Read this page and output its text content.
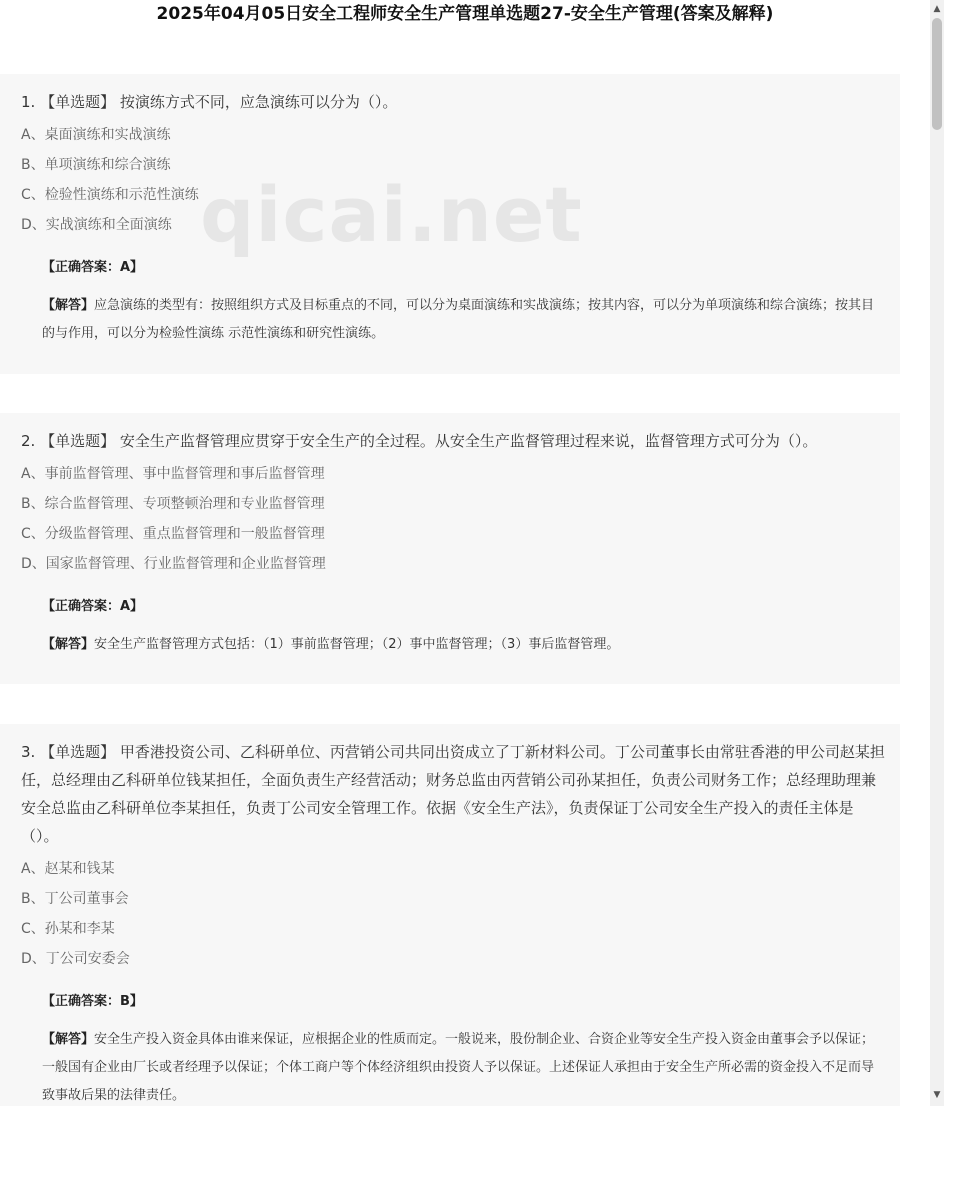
2025年04月05日安全工程师安全生产管理单选题27-安全生产管理(答案及解释)

1. 【单选题】 按演练方式不同，应急演练可以分为（）。

A、桌面演练和实战演练

B、单项演练和综合演练

C、检验性演练和示范性演练

D、实战演练和全面演练

【正确答案：A】

【解答】应急演练的类型有：按照组织方式及目标重点的不同，可以分为桌面演练和实战演练；按其内容，可以分为单项演练和综合演练；按其目的与作用，可以分为检验性演练 示范性演练和研究性演练。

qicai.net

2. 【单选题】 安全生产监督管理应贯穿于安全生产的全过程。从安全生产监督管理过程来说，监督管理方式可分为（）。

A、事前监督管理、事中监督管理和事后监督管理

B、综合监督管理、专项整顿治理和专业监督管理

C、分级监督管理、重点监督管理和一般监督管理

D、国家监督管理、行业监督管理和企业监督管理

【正确答案：A】

【解答】安全生产监督管理方式包括：（1）事前监督管理；（2）事中监督管理；（3）事后监督管理。

3. 【单选题】 甲香港投资公司、乙科研单位、丙营销公司共同出资成立了丁新材料公司。丁公司董事长由常驻香港的甲公司赵某担任，总经理由乙科研单位钱某担任，全面负责生产经营活动；财务总监由丙营销公司孙某担任，负责公司财务工作；总经理助理兼安全总监由乙科研单位李某担任，负责丁公司安全管理工作。依据《安全生产法》，负责保证丁公司安全生产投入的责任主体是（）。

A、赵某和钱某

B、丁公司董事会

C、孙某和李某

D、丁公司安委会

【正确答案：B】

【解答】安全生产投入资金具体由谁来保证，应根据企业的性质而定。一般说来，股份制企业、合资企业等安全生产投入资金由董事会予以保证；一般国有企业由厂长或者经理予以保证；个体工商户等个体经济组织由投资人予以保证。上述保证人承担由于安全生产所必需的资金投入不足而导致事故后果的法律责任。

▲
▼
